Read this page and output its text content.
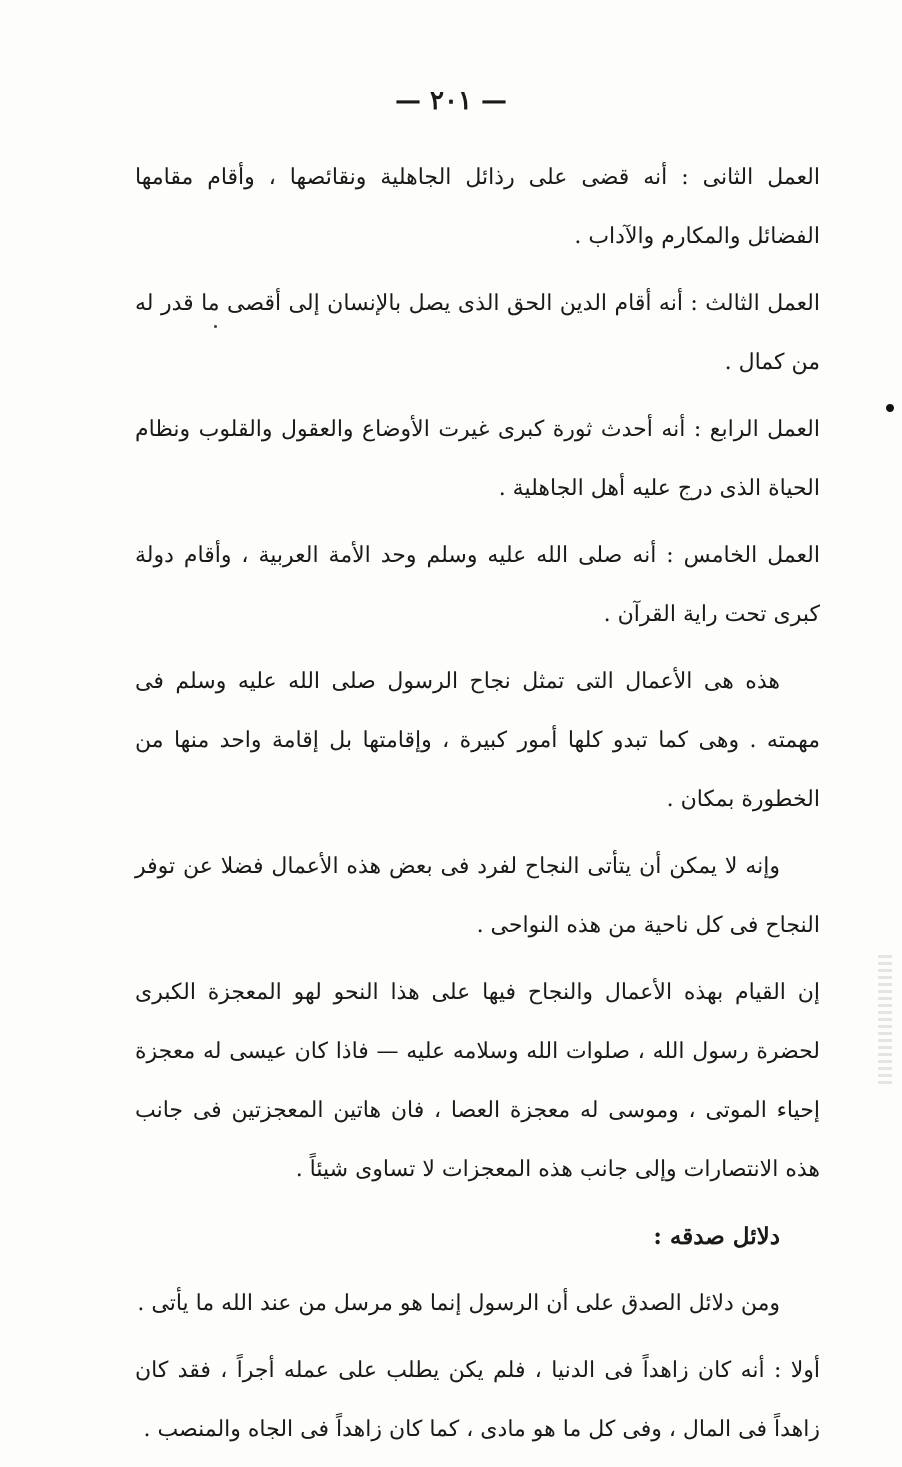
— ٢٠١ —

العمل الثانى : أنه قضى على رذائل الجاهلية ونقائصها ، وأقام مقامها الفضائل والمكارم والآداب .

العمل الثالث : أنه أقام الدين الحق الذى يصل بالإنسان إلى أقصى ما قدر له من كمال .

العمل الرابع : أنه أحدث ثورة كبرى غيرت الأوضاع والعقول والقلوب ونظام الحياة الذى درج عليه أهل الجاهلية .

العمل الخامس : أنه صلى الله عليه وسلم وحد الأمة العربية ، وأقام دولة كبرى تحت راية القرآن .

هذه هى الأعمال التى تمثل نجاح الرسول صلى الله عليه وسلم فى مهمته . وهى كما تبدو كلها أمور كبيرة ، وإقامتها بل إقامة واحد منها من الخطورة بمكان .

وإنه لا يمكن أن يتأتى النجاح لفرد فى بعض هذه الأعمال فضلا عن توفر النجاح فى كل ناحية من هذه النواحى .

إن القيام بهذه الأعمال والنجاح فيها على هذا النحو لهو المعجزة الكبرى لحضرة رسول الله ، صلوات الله وسلامه عليه — فاذا كان عيسى له معجزة إحياء الموتى ، وموسى له معجزة العصا ، فان هاتين المعجزتين فى جانب هذه الانتصارات وإلى جانب هذه المعجزات لا تساوى شيئاً .

دلائل صدقه :

ومن دلائل الصدق على أن الرسول إنما هو مرسل من عند الله ما يأتى .

أولا : أنه كان زاهداً فى الدنيا ، فلم يكن يطلب على عمله أجراً ، فقد كان زاهداً فى المال ، وفى كل ما هو مادى ، كما كان زاهداً فى الجاه والمنصب .
